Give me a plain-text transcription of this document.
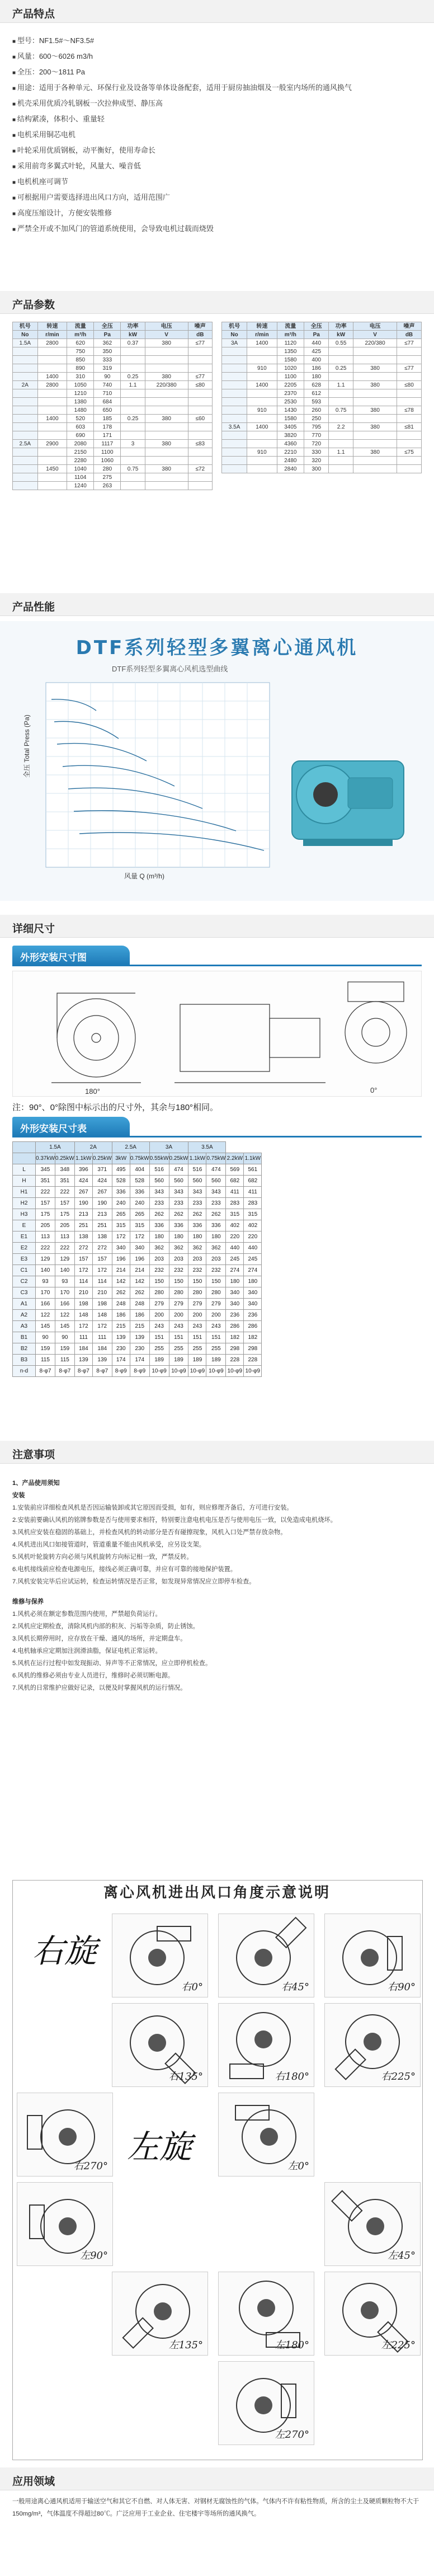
产品特点
■ 型号：NF1.5#～NF3.5#
■ 风量：600～6026 m3/h
■ 全压：200～1811 Pa
■ 用途：适用于各种单元、环保行业及设备等单体设备配套，适用于厨房抽油烟及一般室内场所的通风换气
■ 机壳采用优质冷轧钢板一次拉伸成型、静压高
■ 结构紧凑，体积小、重量轻
■ 电机采用铜芯电机
■ 叶轮采用优质钢板，动平衡好，使用寿命长
■ 采用前弯多翼式叶轮，风量大、噪音低
■ 电机机座可调节
■ 可根据用户需要选择进出风口方向，适用范围广
■ 高度压缩设计，方便安装维修
■ 严禁全开或不加风门的管道系统使用，会导致电机过载而烧毁
产品参数
机号	转速	流量	全压	功率	电压	噪声
No	r/min	m³/h	Pa	kW	V	dB
1.5A	2800	620	362	0.37	380	≤77
		750	350			
		850	333			
		890	319			
	1400	310	90	0.25	380	≤77
2A	2800	1050	740	1.1	220/380	≤80
		1210	710			
		1380	684			
		1480	650			
	1400	520	185	0.25	380	≤60
		603	178			
		690	171			
2.5A	2900	2080	1117	3	380	≤83
		2150	1100			
		2280	1060			
	1450	1040	280	0.75	380	≤72
		1104	275			
		1240	263			
机号	转速	流量	全压	功率	电压	噪声
No	r/min	m³/h	Pa	kW	V	dB
3A	1400	1120	440	0.55	220/380	≤77
		1350	425			
		1580	400			
	910	1020	186	0.25	380	≤77
		1100	180			
	1400	2205	628	1.1	380	≤80
		2370	612			
		2530	593			
	910	1430	260	0.75	380	≤78
		1580	250			
3.5A	1400	3405	795	2.2	380	≤81
		3820	770			
		4360	720			
	910	2210	330	1.1	380	≤75
		2480	320			
		2840	300			
产品性能
DTF系列轻型多翼离心通风机
DTF系列轻型多翼离心风机选型曲线
全压 Total Press (Pa)
风量 Q (m³/h)
详细尺寸
外形安装尺寸图
180°	0°
注：90°、0°除图中标示出的尺寸外，其余与180°相同。
外形安装尺寸表
	1.5A		2A		2.5A		3A		3.5A			
	0.37kW	0.25kW	1.1kW	0.25kW	3kW	0.75kW	0.55kW	0.25kW	1.1kW	0.75kW	2.2kW	1.1kW
L	345	348	396	371	495	404	516	474	516	474	569	561
H	351	351	424	424	528	528	560	560	560	560	682	682
H1	222	222	267	267	336	336	343	343	343	343	411	411
H2	157	157	190	190	240	240	233	233	233	233	283	283
H3	175	175	213	213	265	265	262	262	262	262	315	315
E	205	205	251	251	315	315	336	336	336	336	402	402
E1	113	113	138	138	172	172	180	180	180	180	220	220
E2	222	222	272	272	340	340	362	362	362	362	440	440
E3	129	129	157	157	196	196	203	203	203	203	245	245
C1	140	140	172	172	214	214	232	232	232	232	274	274
C2	93	93	114	114	142	142	150	150	150	150	180	180
C3	170	170	210	210	262	262	280	280	280	280	340	340
A1	166	166	198	198	248	248	279	279	279	279	340	340
A2	122	122	148	148	186	186	200	200	200	200	236	236
A3	145	145	172	172	215	215	243	243	243	243	286	286
B1	90	90	111	111	139	139	151	151	151	151	182	182
B2	159	159	184	184	230	230	255	255	255	255	298	298
B3	115	115	139	139	174	174	189	189	189	189	228	228
n-d	8-φ7	8-φ7	8-φ7	8-φ7	8-φ9	8-φ9	10-φ9	10-φ9	10-φ9	10-φ9	10-φ9	10-φ9
注意事项
1、产品使用须知
安装
1.安装前应详细检查风机是否因运输装卸或其它原因而受损，如有，则应修理齐备后，方可进行安装。
2.安装前要确认风机的铭牌参数是否与使用要求相符，特别要注意电机电压是否与使用电压一致，以免造成电机烧坏。
3.风机应安装在稳固的基础上，并检查风机的转动部分是否有碰擦现象，风机入口处严禁存放杂物。
4.风机进出风口如接管道时，管道重量不能由风机承受，应另设支架。
5.风机叶轮旋转方向必须与风机旋转方向标记相一致，严禁反转。
6.电机接线前应检查电源电压，接线必须正确可靠，并应有可靠的接地保护装置。
7.风机安装完毕后应试运转，检查运转情况是否正常，如发现异常情况应立即停车检查。
维修与保养
1.风机必须在额定参数范围内使用，严禁超负荷运行。
2.风机应定期检查，清除风机内部的积灰、污垢等杂质，防止锈蚀。
3.风机长期停用时，应存放在干燥、通风的场所，并定期盘车。
4.电机轴承应定期加注润滑油脂，保证电机正常运转。
5.风机在运行过程中如发现振动、异声等不正常情况，应立即停机检查。
6.风机的维修必须由专业人员进行，维修时必须切断电源。
7.风机的日常维护应做好记录，以便及时掌握风机的运行情况。
离心风机进出风口角度示意说明
右旋
右0°	右45°	右90°
右135°	右180°	右225°
右270°
左旋
左0°
左45°
左90°
左135°	左180°	左225°
左270°
应用领域
一般用途离心通风机适用于输送空气和其它不自燃、对人体无害、对钢材无腐蚀性的气体。气体内不许有粘性物质，所含的尘土及硬质颗粒物不大于150mg/m³，气体温度不得超过80℃。广泛应用于工业企业、住宅楼宇等场所的通风换气。
